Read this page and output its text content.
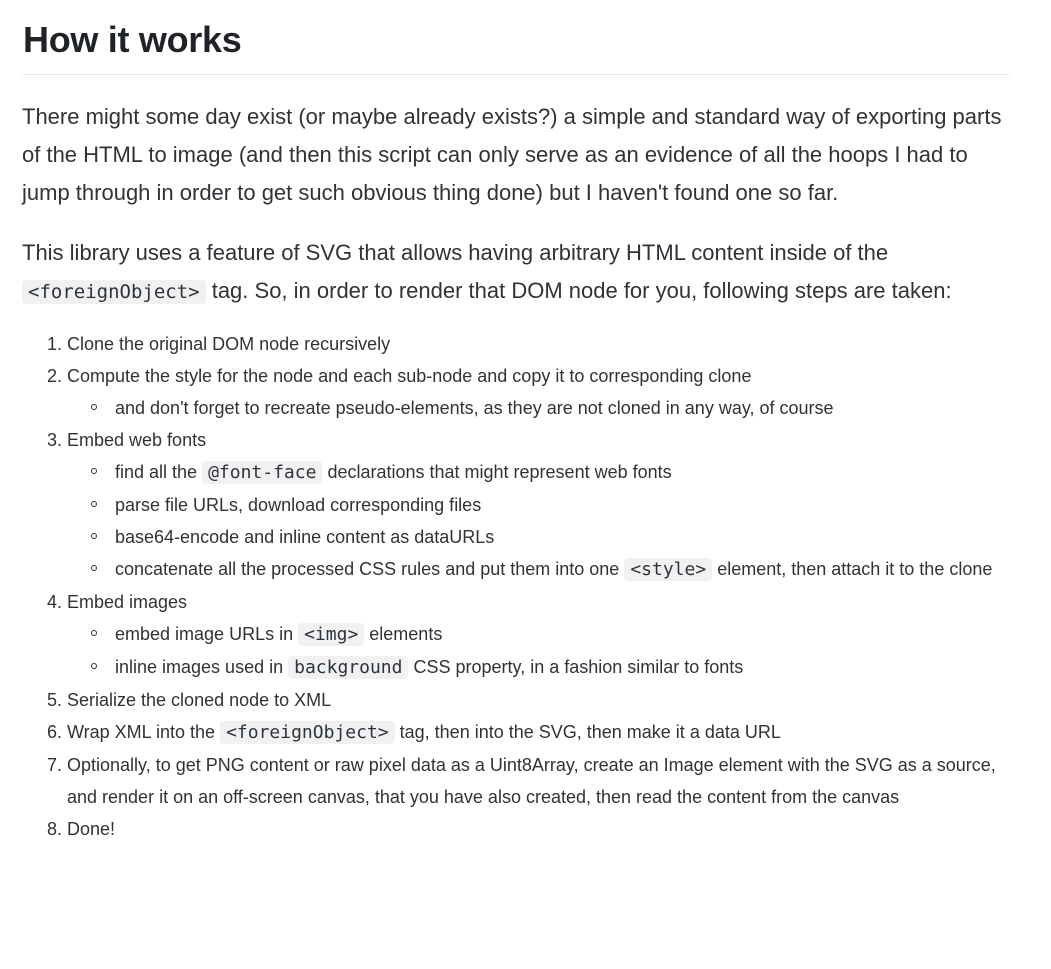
How it works

There might some day exist (or maybe already exists?) a simple and standard way of exporting parts of the HTML to image (and then this script can only serve as an evidence of all the hoops I had to jump through in order to get such obvious thing done) but I haven't found one so far.

This library uses a feature of SVG that allows having arbitrary HTML content inside of the <foreignObject> tag. So, in order to render that DOM node for you, following steps are taken:

1. Clone the original DOM node recursively
2. Compute the style for the node and each sub-node and copy it to corresponding clone
and don't forget to recreate pseudo-elements, as they are not cloned in any way, of course
3. Embed web fonts
find all the @font-face declarations that might represent web fonts
parse file URLs, download corresponding files
base64-encode and inline content as dataURLs
concatenate all the processed CSS rules and put them into one <style> element, then attach it to the clone
4. Embed images
embed image URLs in <img> elements
inline images used in background CSS property, in a fashion similar to fonts
5. Serialize the cloned node to XML
6. Wrap XML into the <foreignObject> tag, then into the SVG, then make it a data URL
7. Optionally, to get PNG content or raw pixel data as a Uint8Array, create an Image element with the SVG as a source, and render it on an off-screen canvas, that you have also created, then read the content from the canvas
8. Done!
